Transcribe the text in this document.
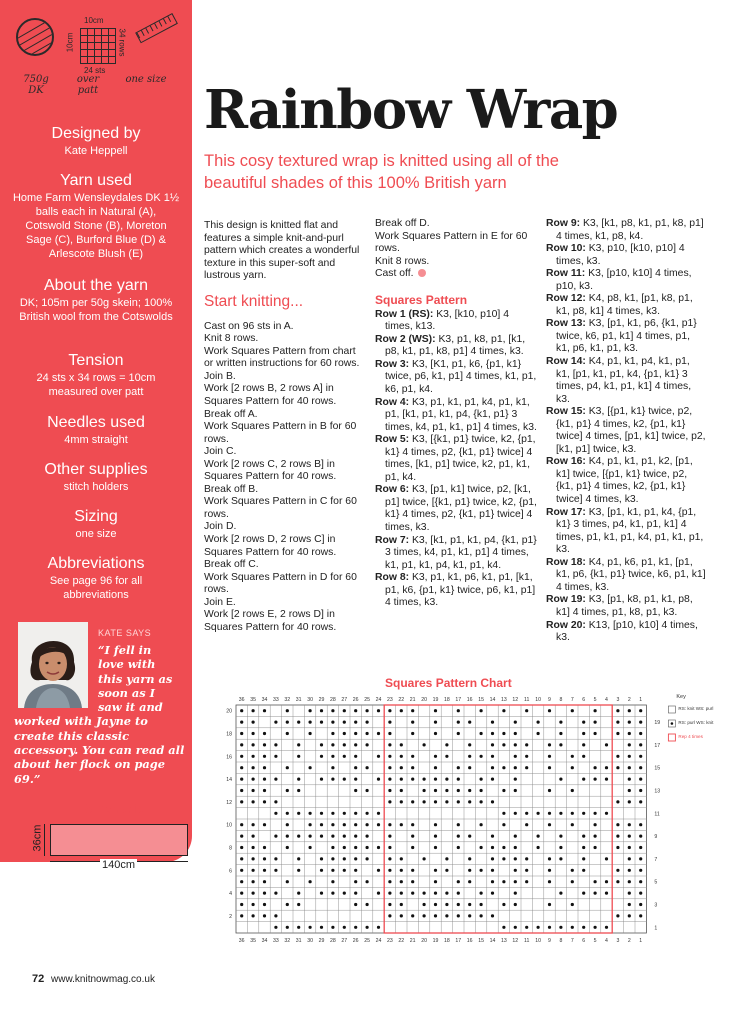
10cm
10cm	34 rows
24 sts
750g DK
over patt
one size
Designed by
Kate Heppell
Yarn used
Home Farm Wensleydales DK 1½ balls each in Natural (A), Cotswold Stone (B), Moreton Sage (C), Burford Blue (D) & Arlescote Blush (E)
About the yarn
DK; 105m per 50g skein; 100% British wool from the Cotswolds
Tension
24 sts x 34 rows = 10cm measured over patt
Needles used
4mm straight
Other supplies
stitch holders
Sizing
one size
Abbreviations
See page 96 for all abbreviations
KATE SAYS
“I fell in
love with
this yarn as
soon as I
saw it and
worked with Jayne to create this classic accessory. You can read all about her flock on page 69.”
Schematic
36cm
140cm
Rainbow Wrap

This cosy textured wrap is knitted using all of the beautiful shades of this 100% British yarn

This design is knitted flat and features a simple knit-and-purl pattern which creates a wonderful texture in this super-soft and lustrous yarn.

Start knitting...

Cast on 96 sts in A.

Knit 8 rows.

Work Squares Pattern from chart or written instructions for 60 rows.

Join B.

Work [2 rows B, 2 rows A] in Squares Pattern for 40 rows.

Break off A.

Work Squares Pattern in B for 60 rows.

Join C.

Work [2 rows C, 2 rows B] in Squares Pattern for 40 rows.

Break off B.

Work Squares Pattern in C for 60 rows.

Join D.

Work [2 rows D, 2 rows C] in Squares Pattern for 40 rows.

Break off C.

Work Squares Pattern in D for 60 rows.

Join E.

Work [2 rows E, 2 rows D] in Squares Pattern for 40 rows.

Break off D.

Work Squares Pattern in E for 60 rows.

Knit 8 rows.

Cast off.

Squares Pattern

Row 1 (RS): K3, [k10, p10] 4 times, k13.

Row 2 (WS): K3, p1, k8, p1, [k1, p8, k1, p1, k8, p1] 4 times, k3.

Row 3: K3, [K1, p1, k6, {p1, k1} twice, p6, k1, p1] 4 times, k1, p1, k6, p1, k4.

Row 4: K3, p1, k1, p1, k4, p1, k1, p1, [k1, p1, k1, p4, {k1, p1} 3 times, k4, p1, k1, p1] 4 times, k3.

Row 5: K3, [{k1, p1} twice, k2, {p1, k1} 4 times, p2, {k1, p1} twice] 4 times, [k1, p1] twice, k2, p1, k1, p1, k4.

Row 6: K3, [p1, k1] twice, p2, [k1, p1] twice, [{k1, p1} twice, k2, {p1, k1} 4 times, p2, {k1, p1} twice] 4 times, k3.

Row 7: K3, [k1, p1, k1, p4, {k1, p1} 3 times, k4, p1, k1, p1] 4 times, k1, p1, k1, p4, k1, p1, k4.

Row 8: K3, p1, k1, p6, k1, p1, [k1, p1, k6, {p1, k1} twice, p6, k1, p1] 4 times, k3.

Row 9: K3, [k1, p8, k1, p1, k8, p1] 4 times, k1, p8, k4.

Row 10: K3, p10, [k10, p10] 4 times, k3.

Row 11: K3, [p10, k10] 4 times, p10, k3.

Row 12: K4, p8, k1, [p1, k8, p1, k1, p8, k1] 4 times, k3.

Row 13: K3, [p1, k1, p6, {k1, p1} twice, k6, p1, k1] 4 times, p1, k1, p6, k1, p1, k3.

Row 14: K4, p1, k1, p4, k1, p1, k1, [p1, k1, p1, k4, {p1, k1} 3 times, p4, k1, p1, k1] 4 times, k3.

Row 15: K3, [{p1, k1} twice, p2, {k1, p1} 4 times, k2, {p1, k1} twice] 4 times, [p1, k1] twice, p2, [k1, p1] twice, k3.

Row 16: K4, p1, k1, p1, k2, [p1, k1] twice, [{p1, k1} twice, p2, {k1, p1} 4 times, k2, {p1, k1} twice] 4 times, k3.

Row 17: K3, [p1, k1, p1, k4, {p1, k1} 3 times, p4, k1, p1, k1] 4 times, p1, k1, p1, k4, p1, k1, p1, k3.

Row 18: K4, p1, k6, p1, k1, [p1, k1, p6, {k1, p1} twice, k6, p1, k1] 4 times, k3.

Row 19: K3, [p1, k8, p1, k1, p8, k1] 4 times, p1, k8, p1, k3.

Row 20: K13, [p10, k10] 4 times, k3.

Squares Pattern Chart
36
36
35
35
34
34
33
33
32
32
31
31
30
30
29
29
28
28
27
27
26
26
25
25
24
24
23
23
22
22
21
21
20
20
19
19
18
18
17
17
16
16
15
15
14
14
13
13
12
12
11
11
10
10
9
9
8
8
7
7
6
6
5
5
4
4
3
3
2
2
1
1
1
3
5
7
9
11
13
15
17
19
2
4
6
8
10
12
14
16
18
20
Key
RS: knit WS: purl
RS: purl WS: knit
Rep 4 times
72 www.knitnowmag.co.uk
